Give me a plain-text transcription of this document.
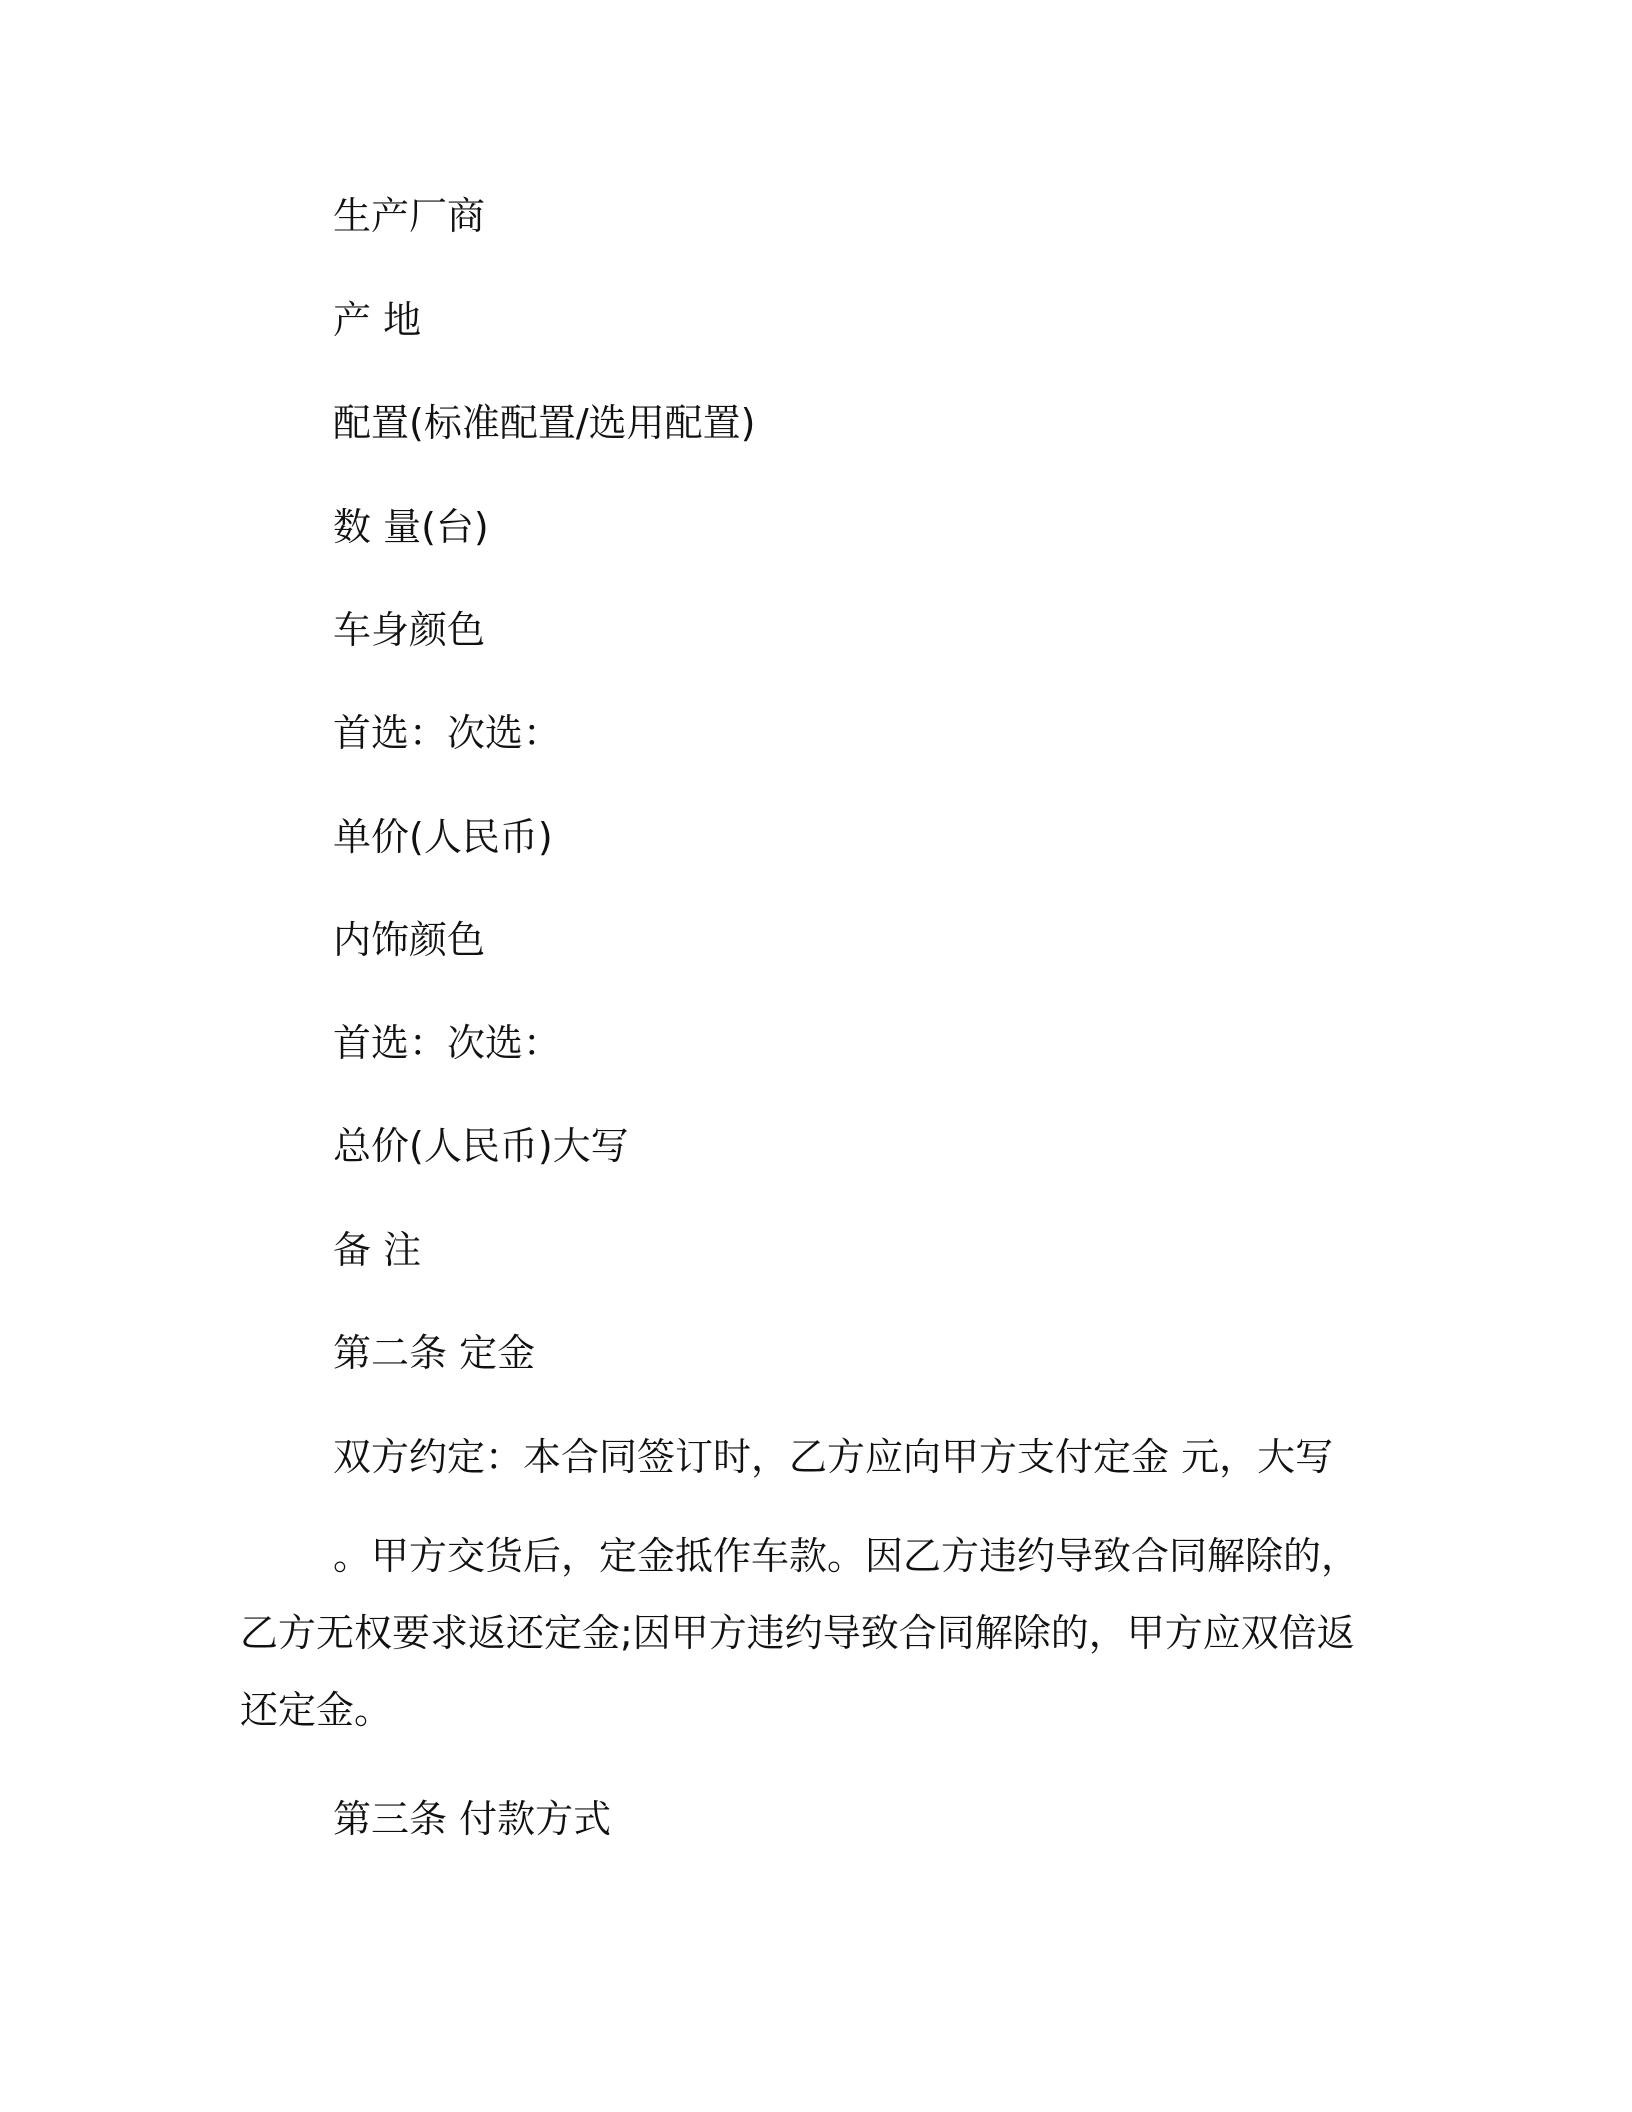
生产厂商
产 地
配置(标准配置/选用配置)
数 量(台)
车身颜色
首选：次选：
单价(人民币)
内饰颜色
首选：次选：
总价(人民币)大写
备 注
第二条 定金
双方约定：本合同签订时，乙方应向甲方支付定金 元，大写

。甲方交货后，定金抵作车款。因乙方违约导致合同解除的，乙方无权要求返还定金;因甲方违约导致合同解除的，甲方应双倍返还定金。

第三条 付款方式
